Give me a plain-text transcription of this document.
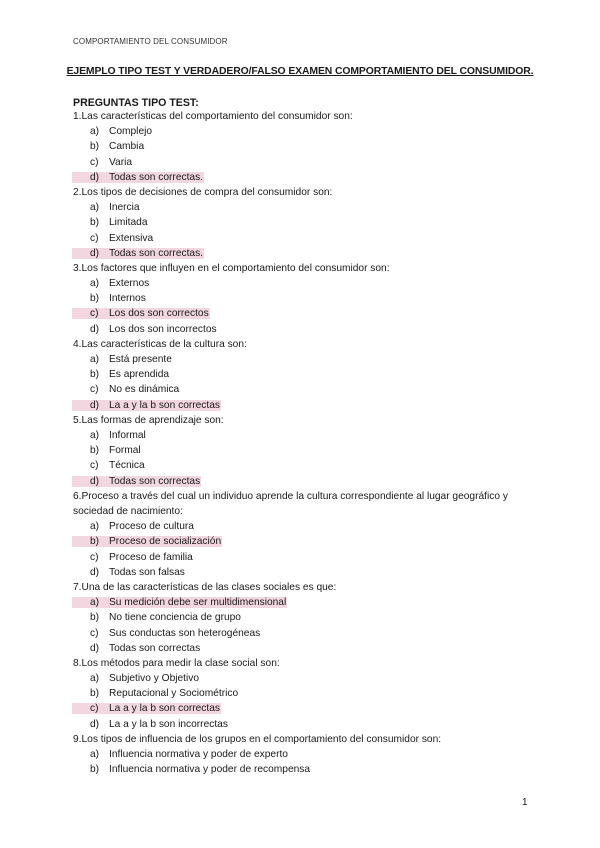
COMPORTAMIENTO DEL CONSUMIDOR
EJEMPLO TIPO TEST Y VERDADERO/FALSO EXAMEN COMPORTAMIENTO DEL CONSUMIDOR.
PREGUNTAS TIPO TEST:
1.Las características del comportamiento del consumidor son:
a) Complejo
b) Cambia
c) Varia
d) Todas son correctas.
2.Los tipos de decisiones de compra del consumidor son:
a) Inercia
b) Limitada
c) Extensiva
d) Todas son correctas.
3.Los factores que influyen en el comportamiento del consumidor son:
a) Externos
b) Internos
c) Los dos son correctos
d) Los dos son incorrectos
4.Las características de la cultura son:
a) Está presente
b) Es aprendida
c) No es dinámica
d) La a y la b son correctas
5.Las formas de aprendizaje son:
a) Informal
b) Formal
c) Técnica
d) Todas son correctas
6.Proceso a través del cual un individuo aprende la cultura correspondiente al lugar geográfico y sociedad de nacimiento:
a) Proceso de cultura
b) Proceso de socialización
c) Proceso de familia
d) Todas son falsas
7.Una de las características de las clases sociales es que:
a) Su medición debe ser multidimensional
b) No tiene conciencia de grupo
c) Sus conductas son heterogéneas
d) Todas son correctas
8.Los métodos para medir la clase social son:
a) Subjetivo y Objetivo
b) Reputacional y Sociométrico
c) La a y la b son correctas
d) La a y la b son incorrectas
9.Los tipos de influencia de los grupos en el comportamiento del consumidor son:
a) Influencia normativa y poder de experto
b) Influencia normativa y poder de recompensa
1
